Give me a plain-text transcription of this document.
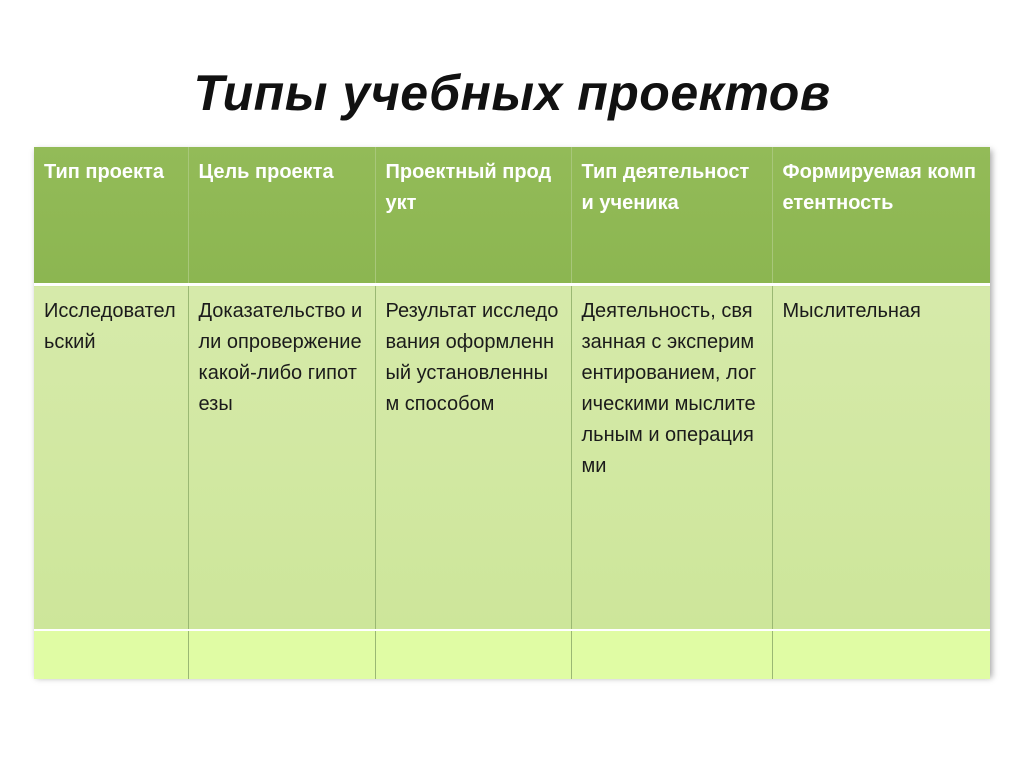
Типы учебных проектов
Тип проекта	Цель проекта	Проектный продукт	Тип деятельности ученика	Формируемая компетентность
Исследовательский	Доказательство или опровержение какой-либо гипотезы	Результат исследования оформленный установленным способом	Деятельность, связанная с экспериментированием, логическими мыслительным и операциями	Мыслительная
